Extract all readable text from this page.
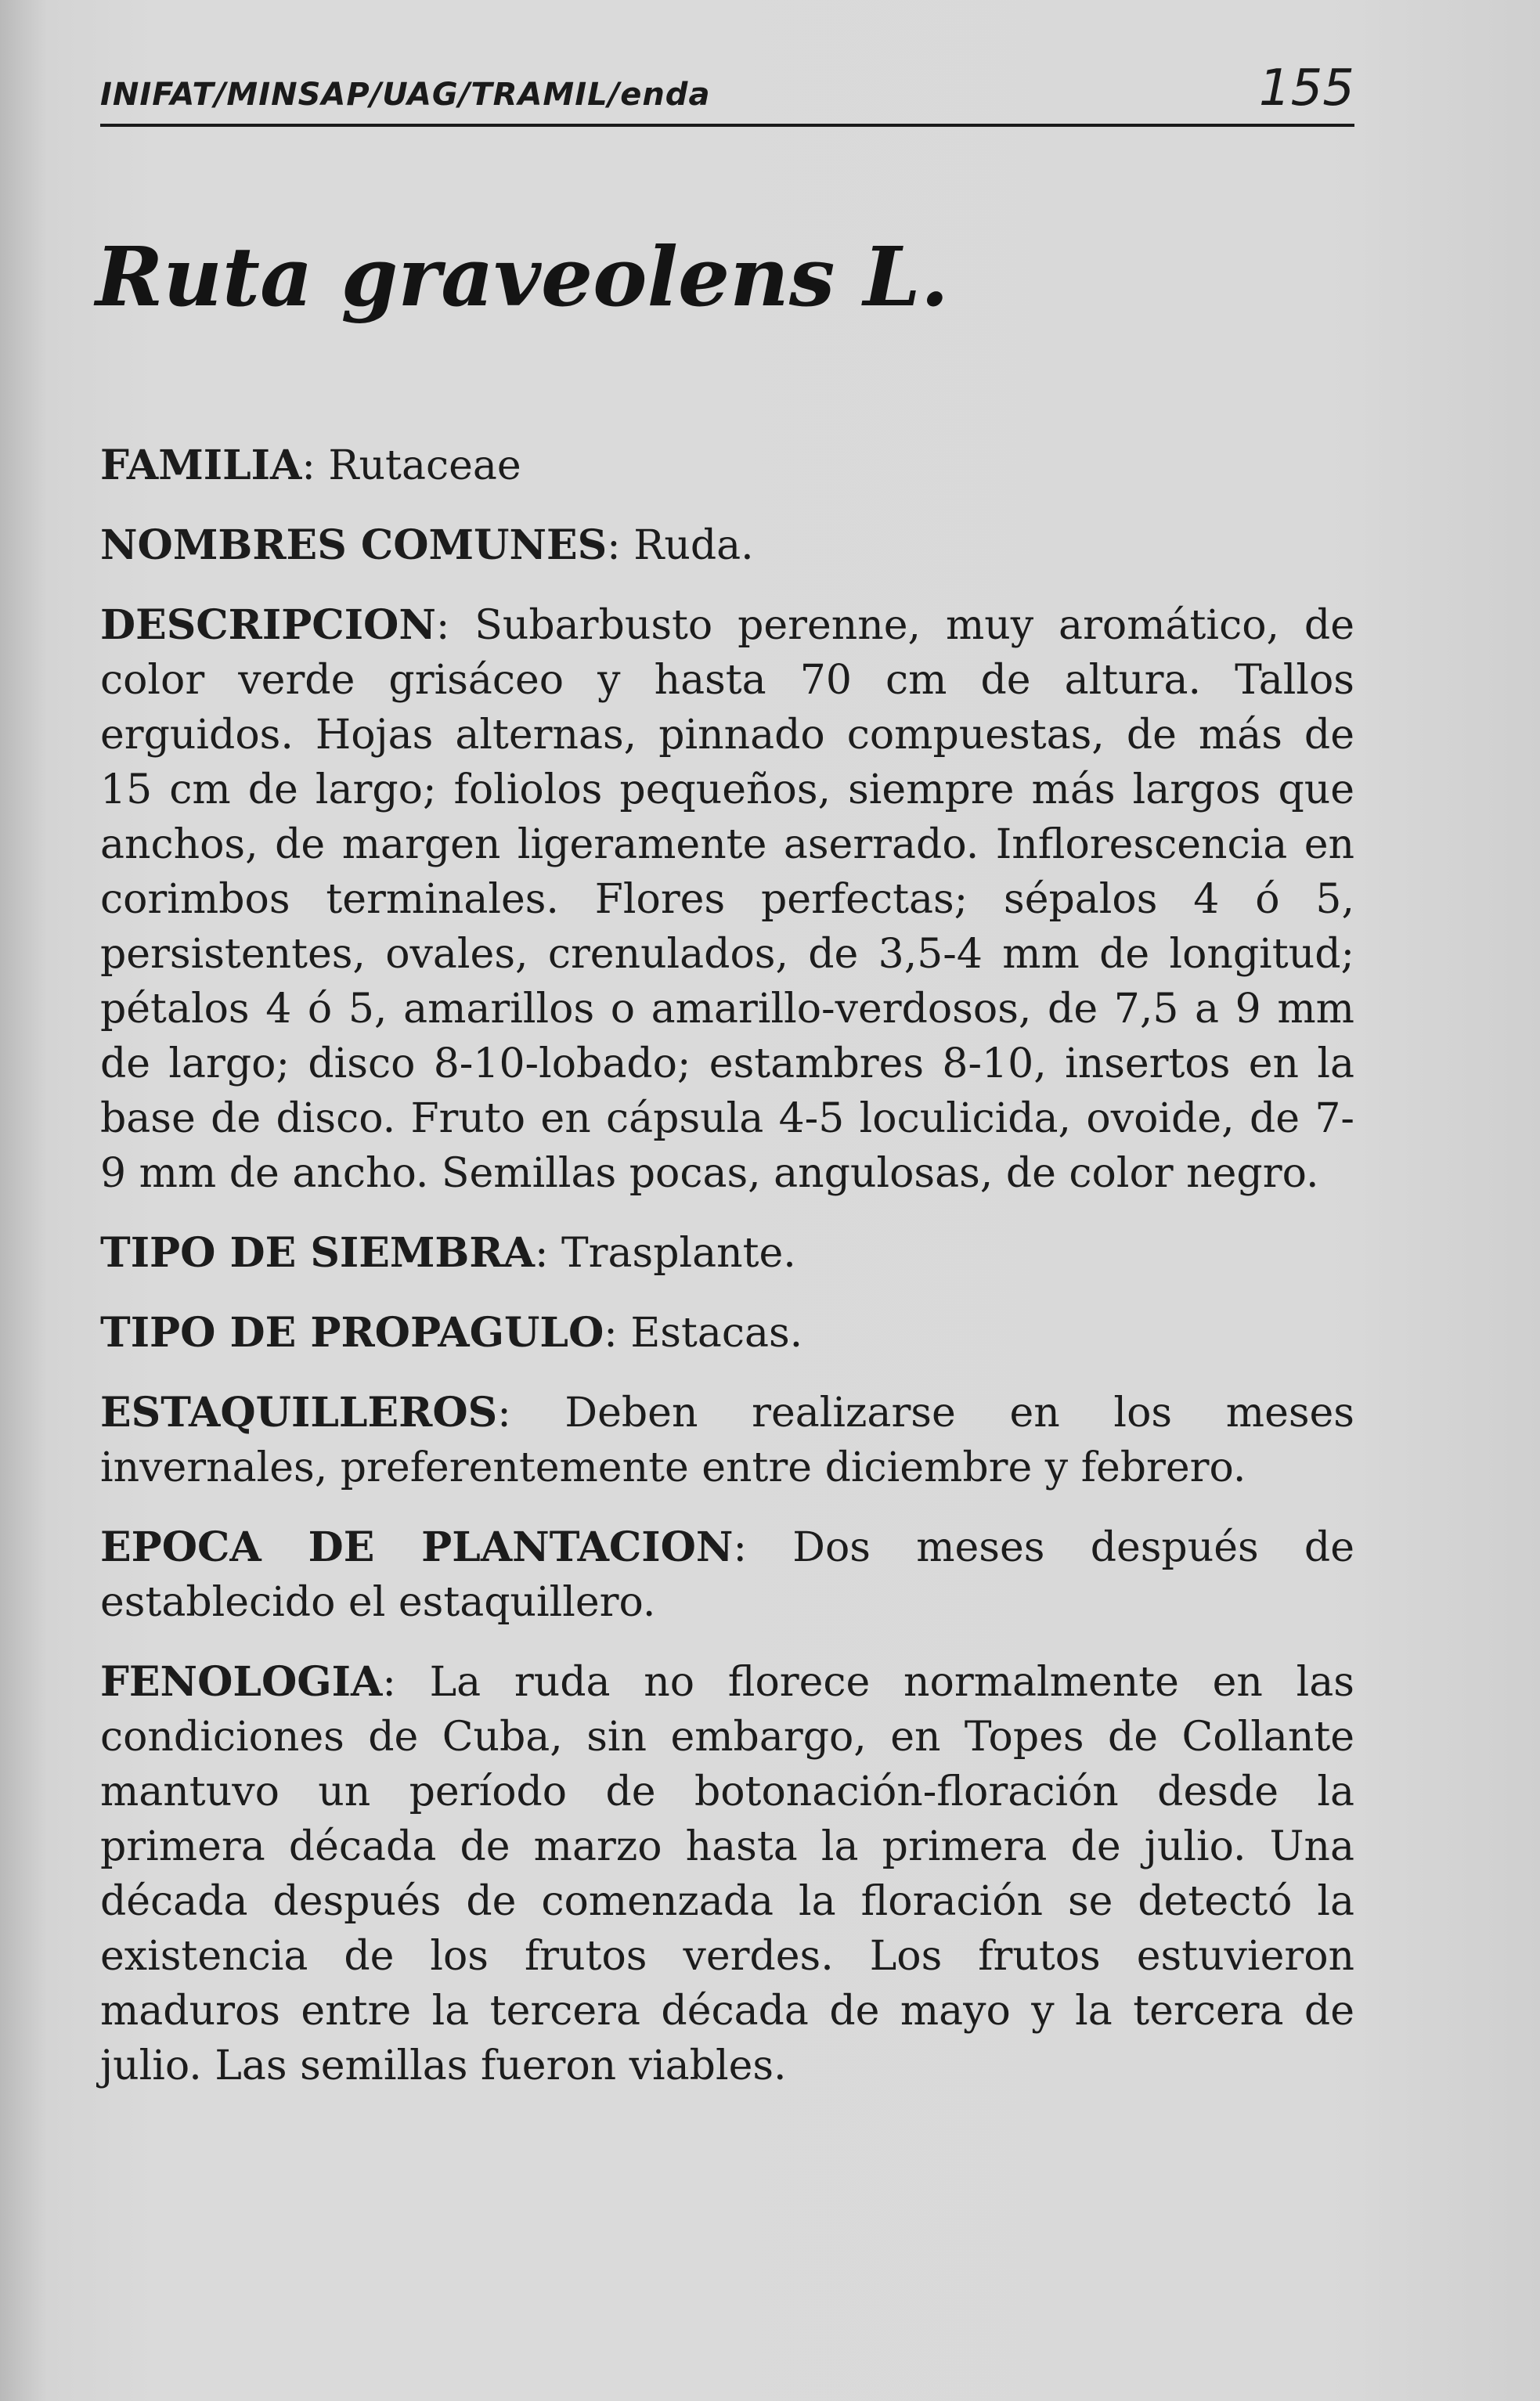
INIFAT/MINSAP/UAG/TRAMIL/enda	155
Ruta graveolens L.

FAMILIA: Rutaceae

NOMBRES COMUNES: Ruda.

DESCRIPCION: Subarbusto perenne, muy aromático, de color verde grisáceo y hasta 70 cm de altura. Tallos erguidos. Hojas alternas, pinnado compuestas, de más de 15 cm de largo; foliolos pequeños, siempre más largos que anchos, de margen ligeramente aserrado. Inflorescencia en corimbos terminales. Flores perfectas; sépalos 4 ó 5, persistentes, ovales, crenulados, de 3,5-4 mm de longitud; pétalos 4 ó 5, amarillos o amarillo-verdosos, de 7,5 a 9 mm de largo; disco 8-10-lobado; estambres 8-10, insertos en la base de disco. Fruto en cápsula 4-5 loculicida, ovoide, de 7-9 mm de ancho. Semillas pocas, angulosas, de color negro.

TIPO DE SIEMBRA: Trasplante.

TIPO DE PROPAGULO: Estacas.

ESTAQUILLEROS: Deben realizarse en los meses invernales, preferentemente entre diciembre y febrero.

EPOCA DE PLANTACION: Dos meses después de establecido el estaquillero.

FENOLOGIA: La ruda no florece normalmente en las condiciones de Cuba, sin embargo, en Topes de Collante mantuvo un período de botonación-floración desde la primera década de marzo hasta la primera de julio. Una década después de comenzada la floración se detectó la existencia de los frutos verdes. Los frutos estuvieron maduros entre la tercera década de mayo y la tercera de julio. Las semillas fueron viables.
